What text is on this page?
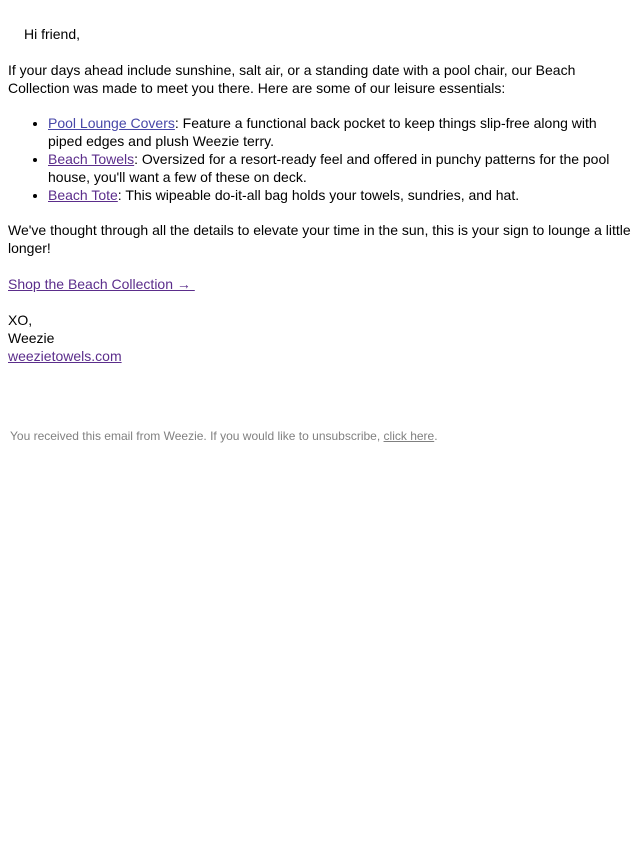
Hi friend,
If your days ahead include sunshine, salt air, or a standing date with a pool chair, our Beach Collection was made to meet you there. Here are some of our leisure essentials:
• Pool Lounge Covers: Feature a functional back pocket to keep things slip-free along with piped edges and plush Weezie terry.
• Beach Towels: Oversized for a resort-ready feel and offered in punchy patterns for the pool house, you'll want a few of these on deck.
• Beach Tote: This wipeable do-it-all bag holds your towels, sundries, and hat.
We've thought through all the details to elevate your time in the sun, this is your sign to lounge a little longer!
Shop the Beach Collection →
XO,
Weezie
weezietowels.com
You received this email from Weezie. If you would like to unsubscribe, click here.
